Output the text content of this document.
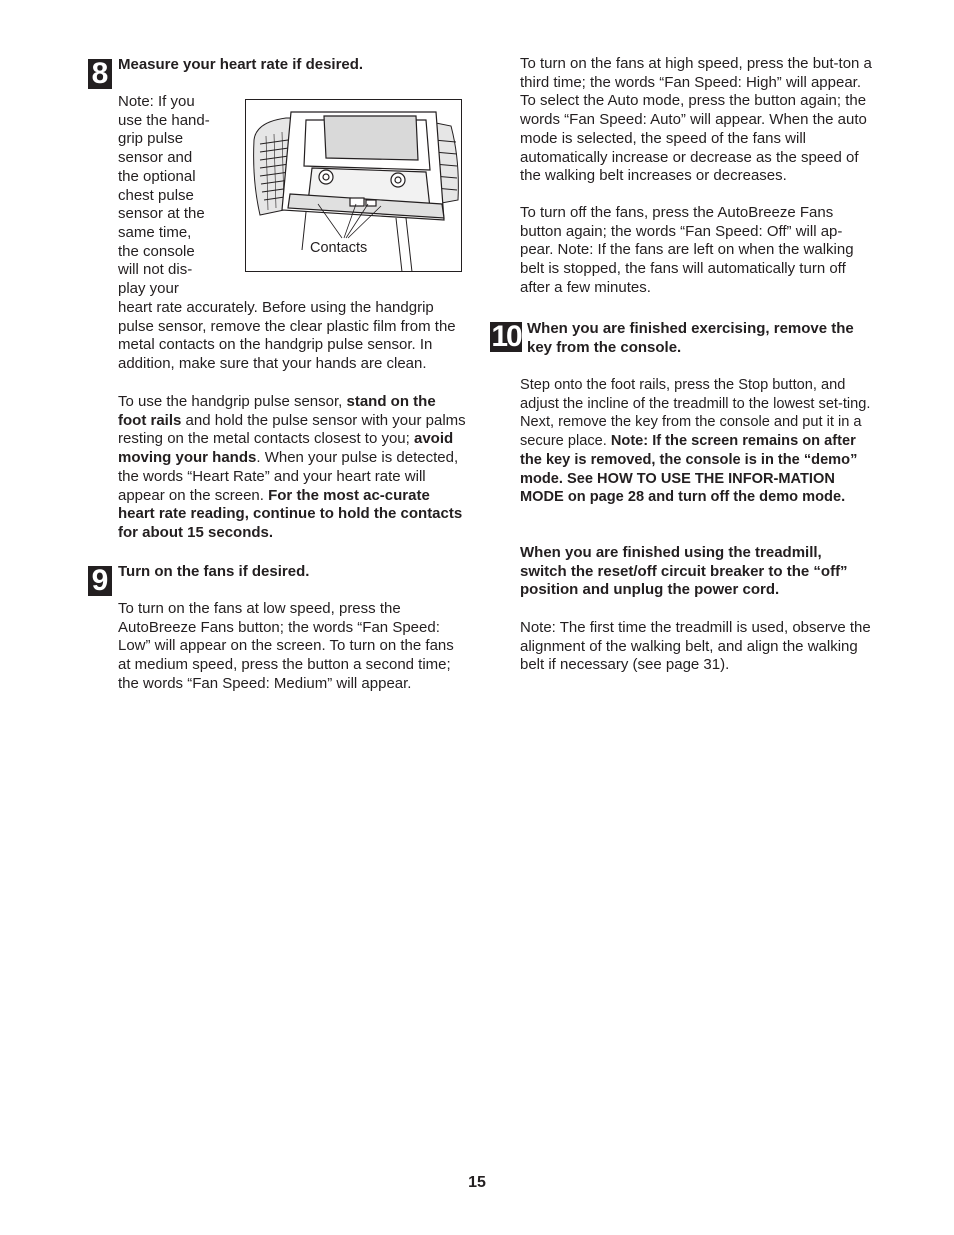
8 Measure your heart rate if desired.
Note: If you
use the hand-
grip pulse
sensor and
the optional
chest pulse
sensor at the
same time,
the console
will not dis-
play your
Contacts

heart rate accurately. Before using the handgrip pulse sensor, remove the clear plastic film from the metal contacts on the handgrip pulse sensor. In addition, make sure that your hands are clean.

To use the handgrip pulse sensor, stand on the foot rails and hold the pulse sensor with your palms resting on the metal contacts closest to you; avoid moving your hands. When your pulse is detected, the words “Heart Rate” and your heart rate will appear on the screen. For the most ac-curate heart rate reading, continue to hold the contacts for about 15 seconds.

9 Turn on the fans if desired.

To turn on the fans at low speed, press the AutoBreeze Fans button; the words “Fan Speed: Low” will appear on the screen. To turn on the fans at medium speed, press the button a second time; the words “Fan Speed: Medium” will appear.

To turn on the fans at high speed, press the but-ton a third time; the words “Fan Speed: High” will appear. To select the Auto mode, press the button again; the words “Fan Speed: Auto” will appear. When the auto mode is selected, the speed of the fans will automatically increase or decrease as the speed of the walking belt increases or decreases.

To turn off the fans, press the AutoBreeze Fans button again; the words “Fan Speed: Off” will ap-pear. Note: If the fans are left on when the walking belt is stopped, the fans will automatically turn off after a few minutes.

10 When you are finished exercising, remove the key from the console.

Step onto the foot rails, press the Stop button, and adjust the incline of the treadmill to the lowest set-ting. Next, remove the key from the console and put it in a secure place. Note: If the screen remains on after the key is removed, the console is in the “demo” mode. See HOW TO USE THE INFOR-MATION MODE on page 28 and turn off the demo mode.

When you are finished using the treadmill, switch the reset/off circuit breaker to the “off” position and unplug the power cord.

Note: The first time the treadmill is used, observe the alignment of the walking belt, and align the walking belt if necessary (see page 31).

15
